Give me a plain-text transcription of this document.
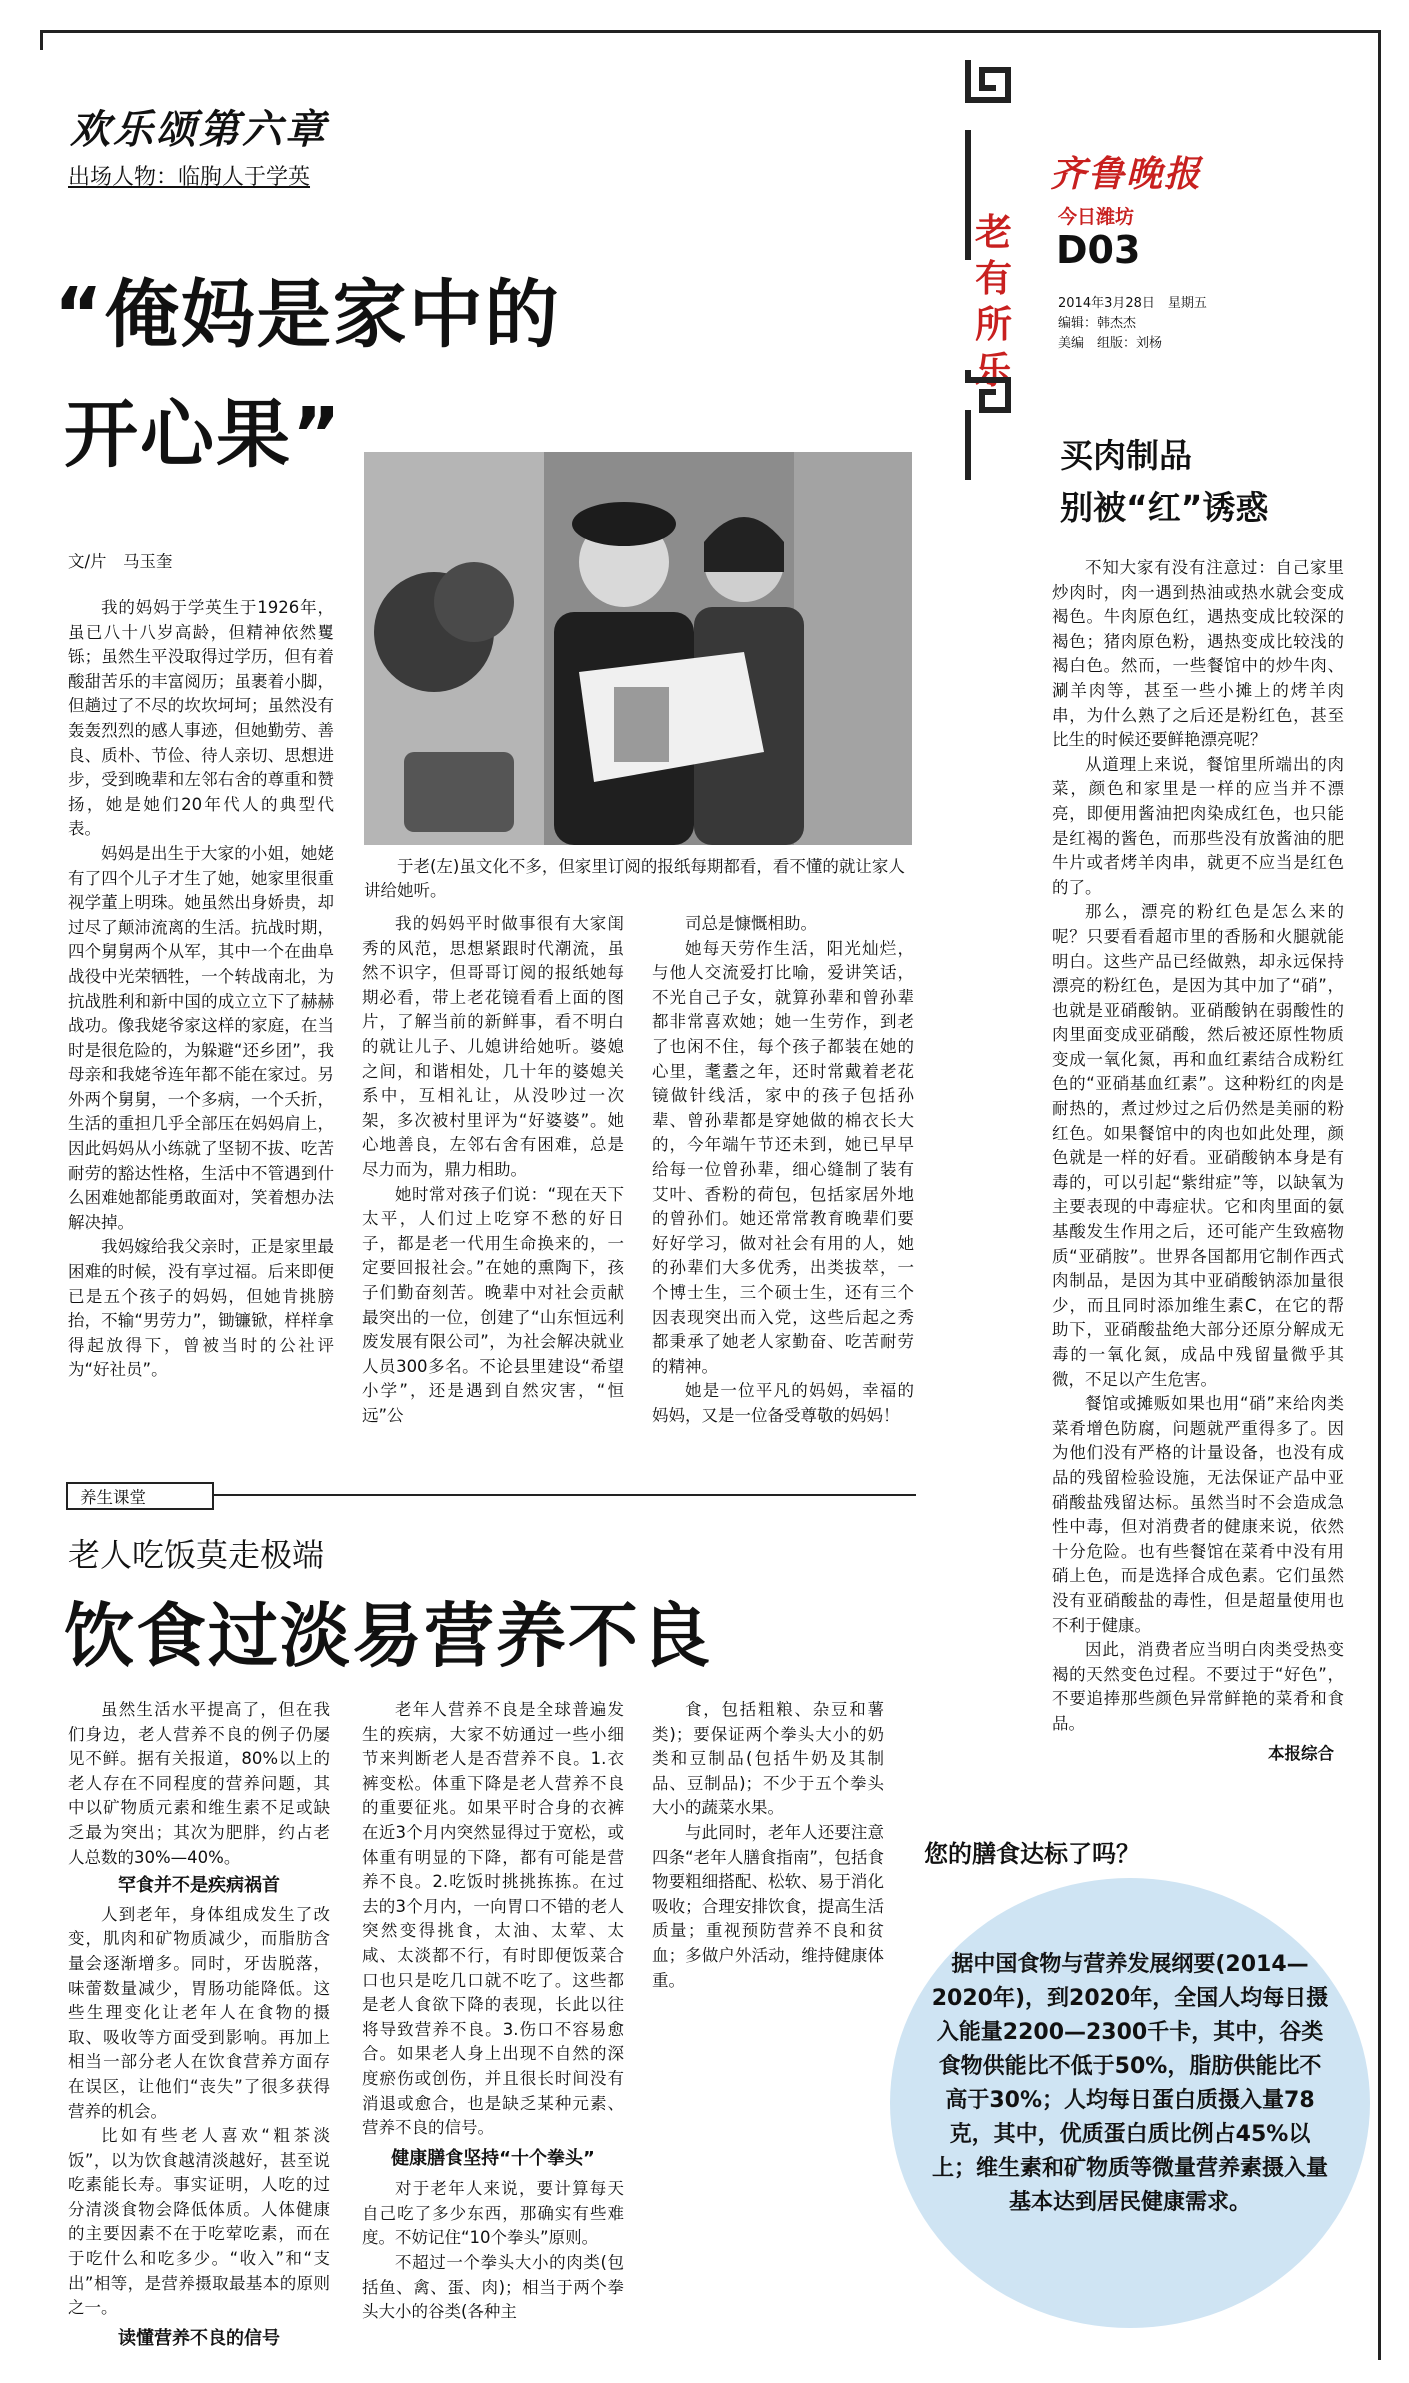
老有所乐
齐鲁晚报
今日潍坊
D03
2014年3月28日　星期五
编辑：韩杰杰
美编　组版：刘杨
欢乐颂第六章
出场人物：临朐人于学英
“俺妈是家中的
开心果”
于老(左)虽文化不多，但家里订阅的报纸每期都看，看不懂的就让家人讲给她听。
文/片　马玉奎

我的妈妈于学英生于1926年，虽已八十八岁高龄，但精神依然矍铄；虽然生平没取得过学历，但有着酸甜苦乐的丰富阅历；虽裹着小脚，但趟过了不尽的坎坎坷坷；虽然没有轰轰烈烈的感人事迹，但她勤劳、善良、质朴、节俭、待人亲切、思想进步，受到晚辈和左邻右舍的尊重和赞扬，她是她们20年代人的典型代表。

妈妈是出生于大家的小姐，她姥有了四个儿子才生了她，她家里很重视学董上明珠。她虽然出身娇贵，却过尽了颠沛流离的生活。抗战时期，四个舅舅两个从军，其中一个在曲阜战役中光荣牺牲，一个转战南北，为抗战胜利和新中国的成立立下了赫赫战功。像我姥爷家这样的家庭，在当时是很危险的，为躲避“还乡团”，我母亲和我姥爷连年都不能在家过。另外两个舅舅，一个多病，一个夭折，生活的重担几乎全部压在妈妈肩上，因此妈妈从小练就了坚韧不拔、吃苦耐劳的豁达性格，生活中不管遇到什么困难她都能勇敢面对，笑着想办法解决掉。

我妈嫁给我父亲时，正是家里最困难的时候，没有享过福。后来即便已是五个孩子的妈妈，但她肯挑膀抬，不输“男劳力”，锄镰锨，样样拿得起放得下，曾被当时的公社评为“好社员”。

我的妈妈平时做事很有大家闺秀的风范，思想紧跟时代潮流，虽然不识字，但哥哥订阅的报纸她每期必看，带上老花镜看看上面的图片，了解当前的新鲜事，看不明白的就让儿子、儿媳讲给她听。婆媳之间，和谐相处，几十年的婆媳关系中，互相礼让，从没吵过一次架，多次被村里评为“好婆婆”。她心地善良，左邻右舍有困难，总是尽力而为，鼎力相助。

她时常对孩子们说：“现在天下太平，人们过上吃穿不愁的好日子，都是老一代用生命换来的，一定要回报社会。”在她的熏陶下，孩子们勤奋刻苦。晚辈中对社会贡献最突出的一位，创建了“山东恒远利废发展有限公司”，为社会解决就业人员300多名。不论县里建设“希望小学”，还是遇到自然灾害，“恒远”公

司总是慷慨相助。

她每天劳作生活，阳光灿烂，与他人交流爱打比喻，爱讲笑话，不光自己子女，就算孙辈和曾孙辈都非常喜欢她；她一生劳作，到老了也闲不住，每个孩子都装在她的心里，耄耋之年，还时常戴着老花镜做针线活，家中的孩子包括孙辈、曾孙辈都是穿她做的棉衣长大的，今年端午节还未到，她已早早给每一位曾孙辈，细心缝制了装有艾叶、香粉的荷包，包括家居外地的曾孙们。她还常常教育晚辈们要好好学习，做对社会有用的人，她的孙辈们大多优秀，出类拔萃，一个博士生，三个硕士生，还有三个因表现突出而入党，这些后起之秀都秉承了她老人家勤奋、吃苦耐劳的精神。

她是一位平凡的妈妈，幸福的妈妈，又是一位备受尊敬的妈妈！

养生课堂
老人吃饭莫走极端
饮食过淡易营养不良

虽然生活水平提高了，但在我们身边，老人营养不良的例子仍屡见不鲜。据有关报道，80%以上的老人存在不同程度的营养问题，其中以矿物质元素和维生素不足或缺乏最为突出；其次为肥胖，约占老人总数的30%—40%。

罕食并不是疾病祸首

人到老年，身体组成发生了改变，肌肉和矿物质减少，而脂肪含量会逐渐增多。同时，牙齿脱落，味蕾数量减少，胃肠功能降低。这些生理变化让老年人在食物的摄取、吸收等方面受到影响。再加上相当一部分老人在饮食营养方面存在误区，让他们“丧失”了很多获得营养的机会。

比如有些老人喜欢“粗茶淡饭”，以为饮食越清淡越好，甚至说吃素能长寿。事实证明，人吃的过分清淡食物会降低体质。人体健康的主要因素不在于吃荤吃素，而在于吃什么和吃多少。“收入”和“支出”相等，是营养摄取最基本的原则之一。

读懂营养不良的信号

老年人营养不良是全球普遍发生的疾病，大家不妨通过一些小细节来判断老人是否营养不良。1.衣裤变松。体重下降是老人营养不良的重要征兆。如果平时合身的衣裤在近3个月内突然显得过于宽松，或体重有明显的下降，都有可能是营养不良。2.吃饭时挑挑拣拣。在过去的3个月内，一向胃口不错的老人突然变得挑食，太油、太荤、太咸、太淡都不行，有时即便饭菜合口也只是吃几口就不吃了。这些都是老人食欲下降的表现，长此以往将导致营养不良。3.伤口不容易愈合。如果老人身上出现不自然的深度瘀伤或创伤，并且很长时间没有消退或愈合，也是缺乏某种元素、营养不良的信号。

健康膳食坚持“十个拳头”

对于老年人来说，要计算每天自己吃了多少东西，那确实有些难度。不妨记住“10个拳头”原则。

不超过一个拳头大小的肉类(包括鱼、禽、蛋、肉)；相当于两个拳头大小的谷类(各种主

食，包括粗粮、杂豆和薯类)；要保证两个拳头大小的奶类和豆制品(包括牛奶及其制品、豆制品)；不少于五个拳头大小的蔬菜水果。

与此同时，老年人还要注意四条“老年人膳食指南”，包括食物要粗细搭配、松软、易于消化吸收；合理安排饮食，提高生活质量；重视预防营养不良和贫血；多做户外活动，维持健康体重。

买肉制品
别被“红”诱惑

不知大家有没有注意过：自己家里炒肉时，肉一遇到热油或热水就会变成褐色。牛肉原色红，遇热变成比较深的褐色；猪肉原色粉，遇热变成比较浅的褐白色。然而，一些餐馆中的炒牛肉、涮羊肉等，甚至一些小摊上的烤羊肉串，为什么熟了之后还是粉红色，甚至比生的时候还要鲜艳漂亮呢？

从道理上来说，餐馆里所端出的肉菜，颜色和家里是一样的应当并不漂亮，即便用酱油把肉染成红色，也只能是红褐的酱色，而那些没有放酱油的肥牛片或者烤羊肉串，就更不应当是红色的了。

那么，漂亮的粉红色是怎么来的呢？只要看看超市里的香肠和火腿就能明白。这些产品已经做熟，却永远保持漂亮的粉红色，是因为其中加了“硝”，也就是亚硝酸钠。亚硝酸钠在弱酸性的肉里面变成亚硝酸，然后被还原性物质变成一氧化氮，再和血红素结合成粉红色的“亚硝基血红素”。这种粉红的肉是耐热的，煮过炒过之后仍然是美丽的粉红色。如果餐馆中的肉也如此处理，颜色就是一样的好看。亚硝酸钠本身是有毒的，可以引起“紫绀症”等，以缺氧为主要表现的中毒症状。它和肉里面的氨基酸发生作用之后，还可能产生致癌物质“亚硝胺”。世界各国都用它制作西式肉制品，是因为其中亚硝酸钠添加量很少，而且同时添加维生素C，在它的帮助下，亚硝酸盐绝大部分还原分解成无毒的一氧化氮，成品中残留量微乎其微，不足以产生危害。

餐馆或摊贩如果也用“硝”来给肉类菜肴增色防腐，问题就严重得多了。因为他们没有严格的计量设备，也没有成品的残留检验设施，无法保证产品中亚硝酸盐残留达标。虽然当时不会造成急性中毒，但对消费者的健康来说，依然十分危险。也有些餐馆在菜肴中没有用硝上色，而是选择合成色素。它们虽然没有亚硝酸盐的毒性，但是超量使用也不利于健康。

因此，消费者应当明白肉类受热变褐的天然变色过程。不要过于“好色”，不要追捧那些颜色异常鲜艳的菜肴和食品。

本报综合
您的膳食达标了吗？
据中国食物与营养发展纲要(2014—2020年)，到2020年，全国人均每日摄入能量2200—2300千卡，其中，谷类食物供能比不低于50%，脂肪供能比不高于30%；人均每日蛋白质摄入量78克，其中，优质蛋白质比例占45%以上；维生素和矿物质等微量营养素摄入量基本达到居民健康需求。
